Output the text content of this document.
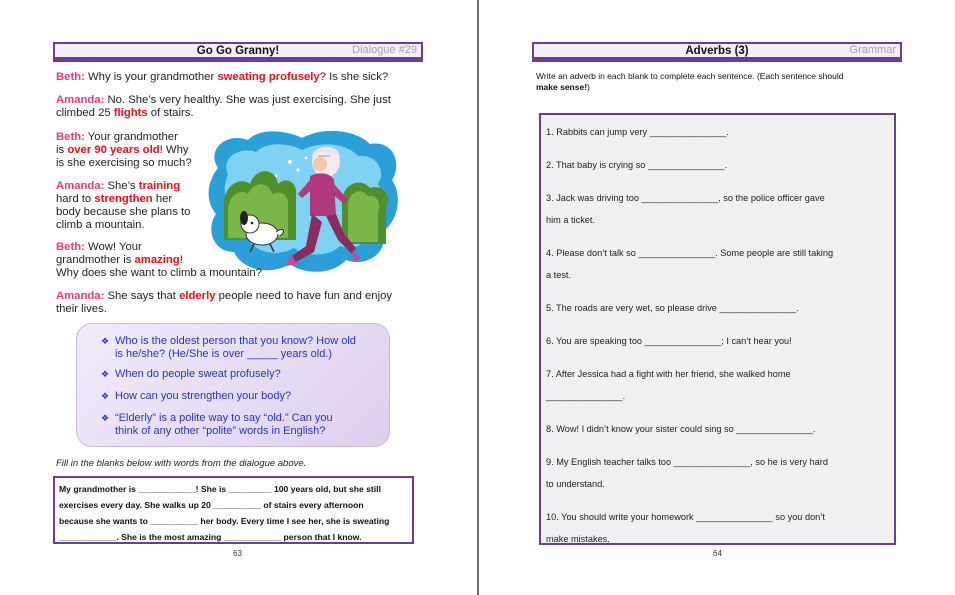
Go Go Granny!	Dialogue #29
Beth: Why is your grandmother sweating profusely? Is she sick?
Amanda: No. She’s very healthy. She was just exercising. She just
climbed 25 flights of stairs.
Beth: Your grandmother
is over 90 years old! Why
is she exercising so much?
Amanda: She’s training
hard to strengthen her
body because she plans to
climb a mountain.
Beth: Wow! Your
grandmother is amazing!
Why does she want to climb a mountain?
Amanda: She says that elderly people need to have fun and enjoy
their lives.
❖ Who is the oldest person that you know? How old
is he/she? (He/She is over _____ years old.)
❖ When do people sweat profusely?
❖ How can you strengthen your body?
❖ “Elderly” is a polite way to say “old.” Can you
think of any other “polite” words in English?
Fill in the blanks below with words from the dialogue above.
My grandmother is ____________! She is _________ 100 years old, but she still
exercises every day. She walks up 20 __________ of stairs every afternoon
because she wants to __________ her body. Every time I see her, she is sweating
____________. She is the most amazing ____________ person that I know.
63
Adverbs (3)	Grammar
Write an adverb in each blank to complete each sentence. (Each sentence should
make sense!)
1. Rabbits can jump very _______________.
2. That baby is crying so _______________.
3. Jack was driving too _______________, so the police officer gave
him a ticket.
4. Please don’t talk so _______________. Some people are still taking
a test.
5. The roads are very wet, so please drive _______________.
6. You are speaking too _______________; I can’t hear you!
7. After Jessica had a fight with her friend, she walked home
_______________.
8. Wow! I didn’t know your sister could sing so _______________.
9. My English teacher talks too _______________, so he is very hard
to understand.
10. You should write your homework _______________ so you don’t
make mistakes.
64
